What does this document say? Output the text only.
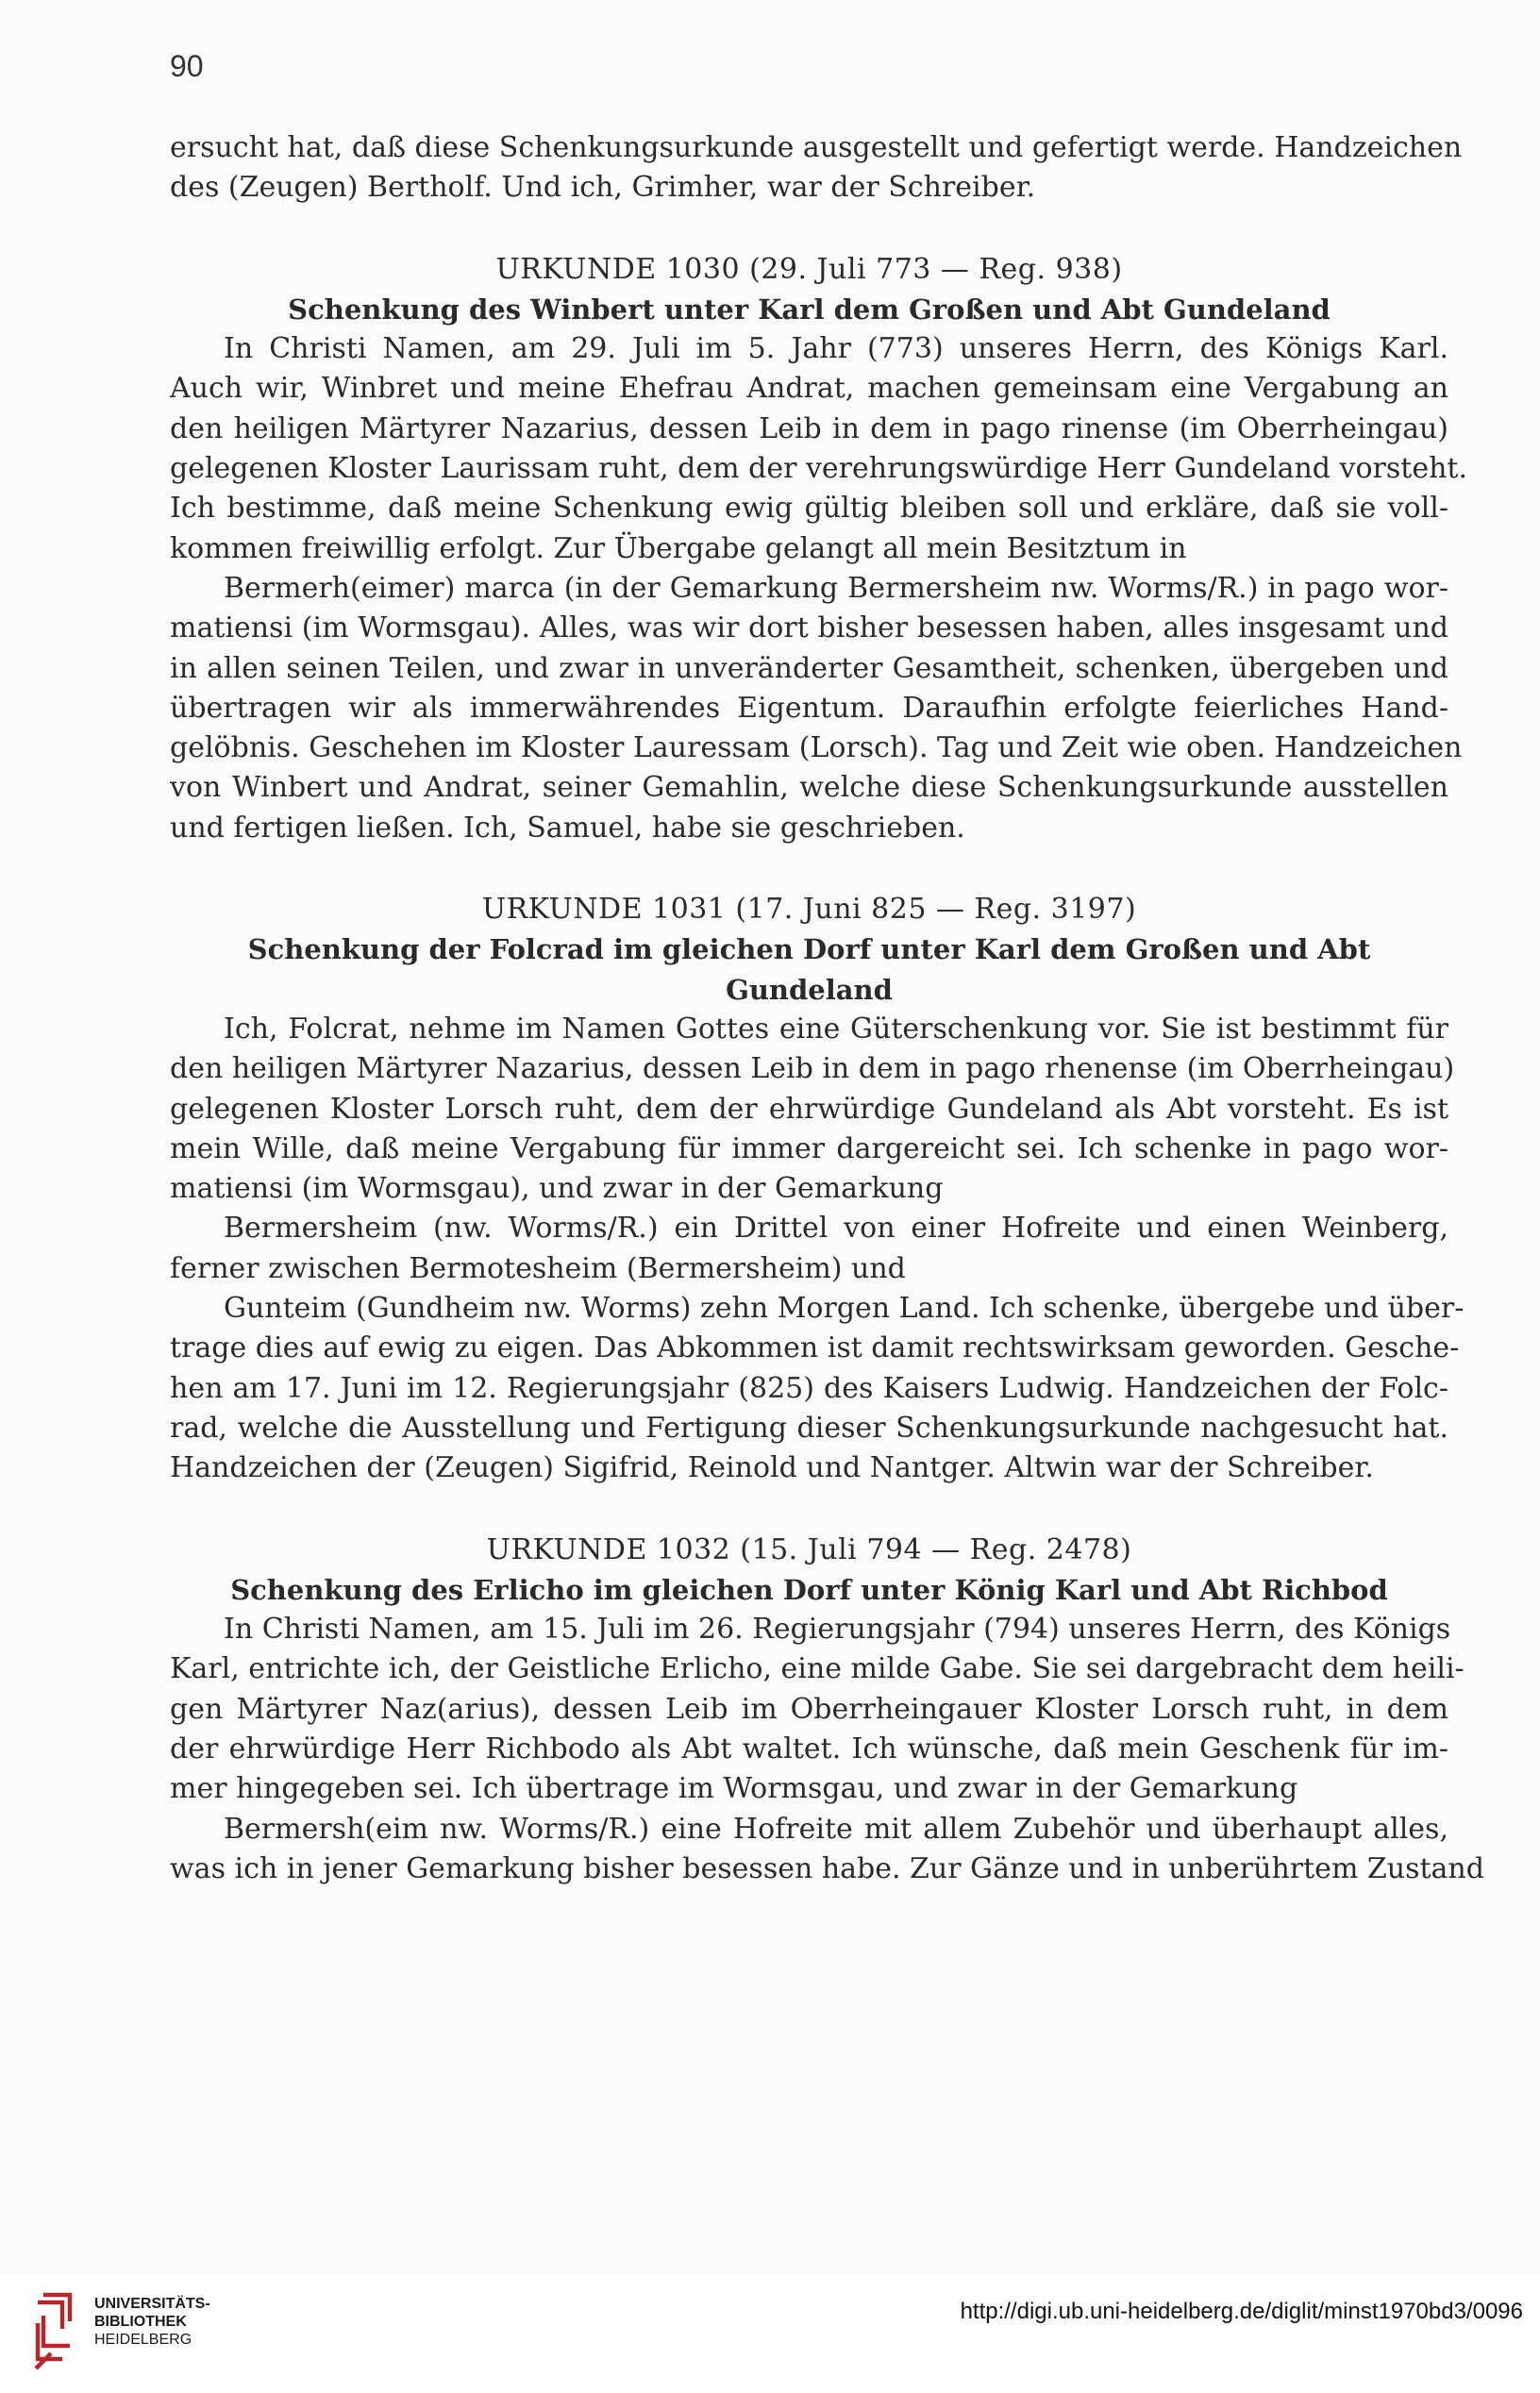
90

ersucht hat, daß diese Schenkungsurkunde ausgestellt und gefertigt werde. Handzeichen
des (Zeugen) Bertholf. Und ich, Grimher, war der Schreiber.

URKUNDE 1030 (29. Juli 773 — Reg. 938)
Schenkung des Winbert unter Karl dem Großen und Abt Gundeland

In Christi Namen, am 29. Juli im 5. Jahr (773) unseres Herrn, des Königs Karl.
Auch wir, Winbret und meine Ehefrau Andrat, machen gemeinsam eine Vergabung an
den heiligen Märtyrer Nazarius, dessen Leib in dem in pago rinense (im Oberrheingau)
gelegenen Kloster Laurissam ruht, dem der verehrungswürdige Herr Gundeland vorsteht.
Ich bestimme, daß meine Schenkung ewig gültig bleiben soll und erkläre, daß sie voll-
kommen freiwillig erfolgt. Zur Übergabe gelangt all mein Besitztum in

Bermerh(eimer) marca (in der Gemarkung Bermersheim nw. Worms/R.) in pago wor-
matiensi (im Wormsgau). Alles, was wir dort bisher besessen haben, alles insgesamt und
in allen seinen Teilen, und zwar in unveränderter Gesamtheit, schenken, übergeben und
übertragen wir als immerwährendes Eigentum. Daraufhin erfolgte feierliches Hand-
gelöbnis. Geschehen im Kloster Lauressam (Lorsch). Tag und Zeit wie oben. Handzeichen
von Winbert und Andrat, seiner Gemahlin, welche diese Schenkungsurkunde ausstellen
und fertigen ließen. Ich, Samuel, habe sie geschrieben.

URKUNDE 1031 (17. Juni 825 — Reg. 3197)
Schenkung der Folcrad im gleichen Dorf unter Karl dem Großen und Abt Gundeland

Ich, Folcrat, nehme im Namen Gottes eine Güterschenkung vor. Sie ist bestimmt für
den heiligen Märtyrer Nazarius, dessen Leib in dem in pago rhenense (im Oberrheingau)
gelegenen Kloster Lorsch ruht, dem der ehrwürdige Gundeland als Abt vorsteht. Es ist
mein Wille, daß meine Vergabung für immer dargereicht sei. Ich schenke in pago wor-
matiensi (im Wormsgau), und zwar in der Gemarkung

Bermersheim (nw. Worms/R.) ein Drittel von einer Hofreite und einen Weinberg,
ferner zwischen Bermotesheim (Bermersheim) und

Gunteim (Gundheim nw. Worms) zehn Morgen Land. Ich schenke, übergebe und über-
trage dies auf ewig zu eigen. Das Abkommen ist damit rechtswirksam geworden. Gesche-
hen am 17. Juni im 12. Regierungsjahr (825) des Kaisers Ludwig. Handzeichen der Folc-
rad, welche die Ausstellung und Fertigung dieser Schenkungsurkunde nachgesucht hat.
Handzeichen der (Zeugen) Sigifrid, Reinold und Nantger. Altwin war der Schreiber.

URKUNDE 1032 (15. Juli 794 — Reg. 2478)
Schenkung des Erlicho im gleichen Dorf unter König Karl und Abt Richbod

In Christi Namen, am 15. Juli im 26. Regierungsjahr (794) unseres Herrn, des Königs
Karl, entrichte ich, der Geistliche Erlicho, eine milde Gabe. Sie sei dargebracht dem heili-
gen Märtyrer Naz(arius), dessen Leib im Oberrheingauer Kloster Lorsch ruht, in dem
der ehrwürdige Herr Richbodo als Abt waltet. Ich wünsche, daß mein Geschenk für im-
mer hingegeben sei. Ich übertrage im Wormsgau, und zwar in der Gemarkung

Bermersh(eim nw. Worms/R.) eine Hofreite mit allem Zubehör und überhaupt alles,
was ich in jener Gemarkung bisher besessen habe. Zur Gänze und in unberührtem Zustand

UNIVERSITÄTS-
BIBLIOTHEK
HEIDELBERG
http://digi.ub.uni-heidelberg.de/diglit/minst1970bd3/0096
